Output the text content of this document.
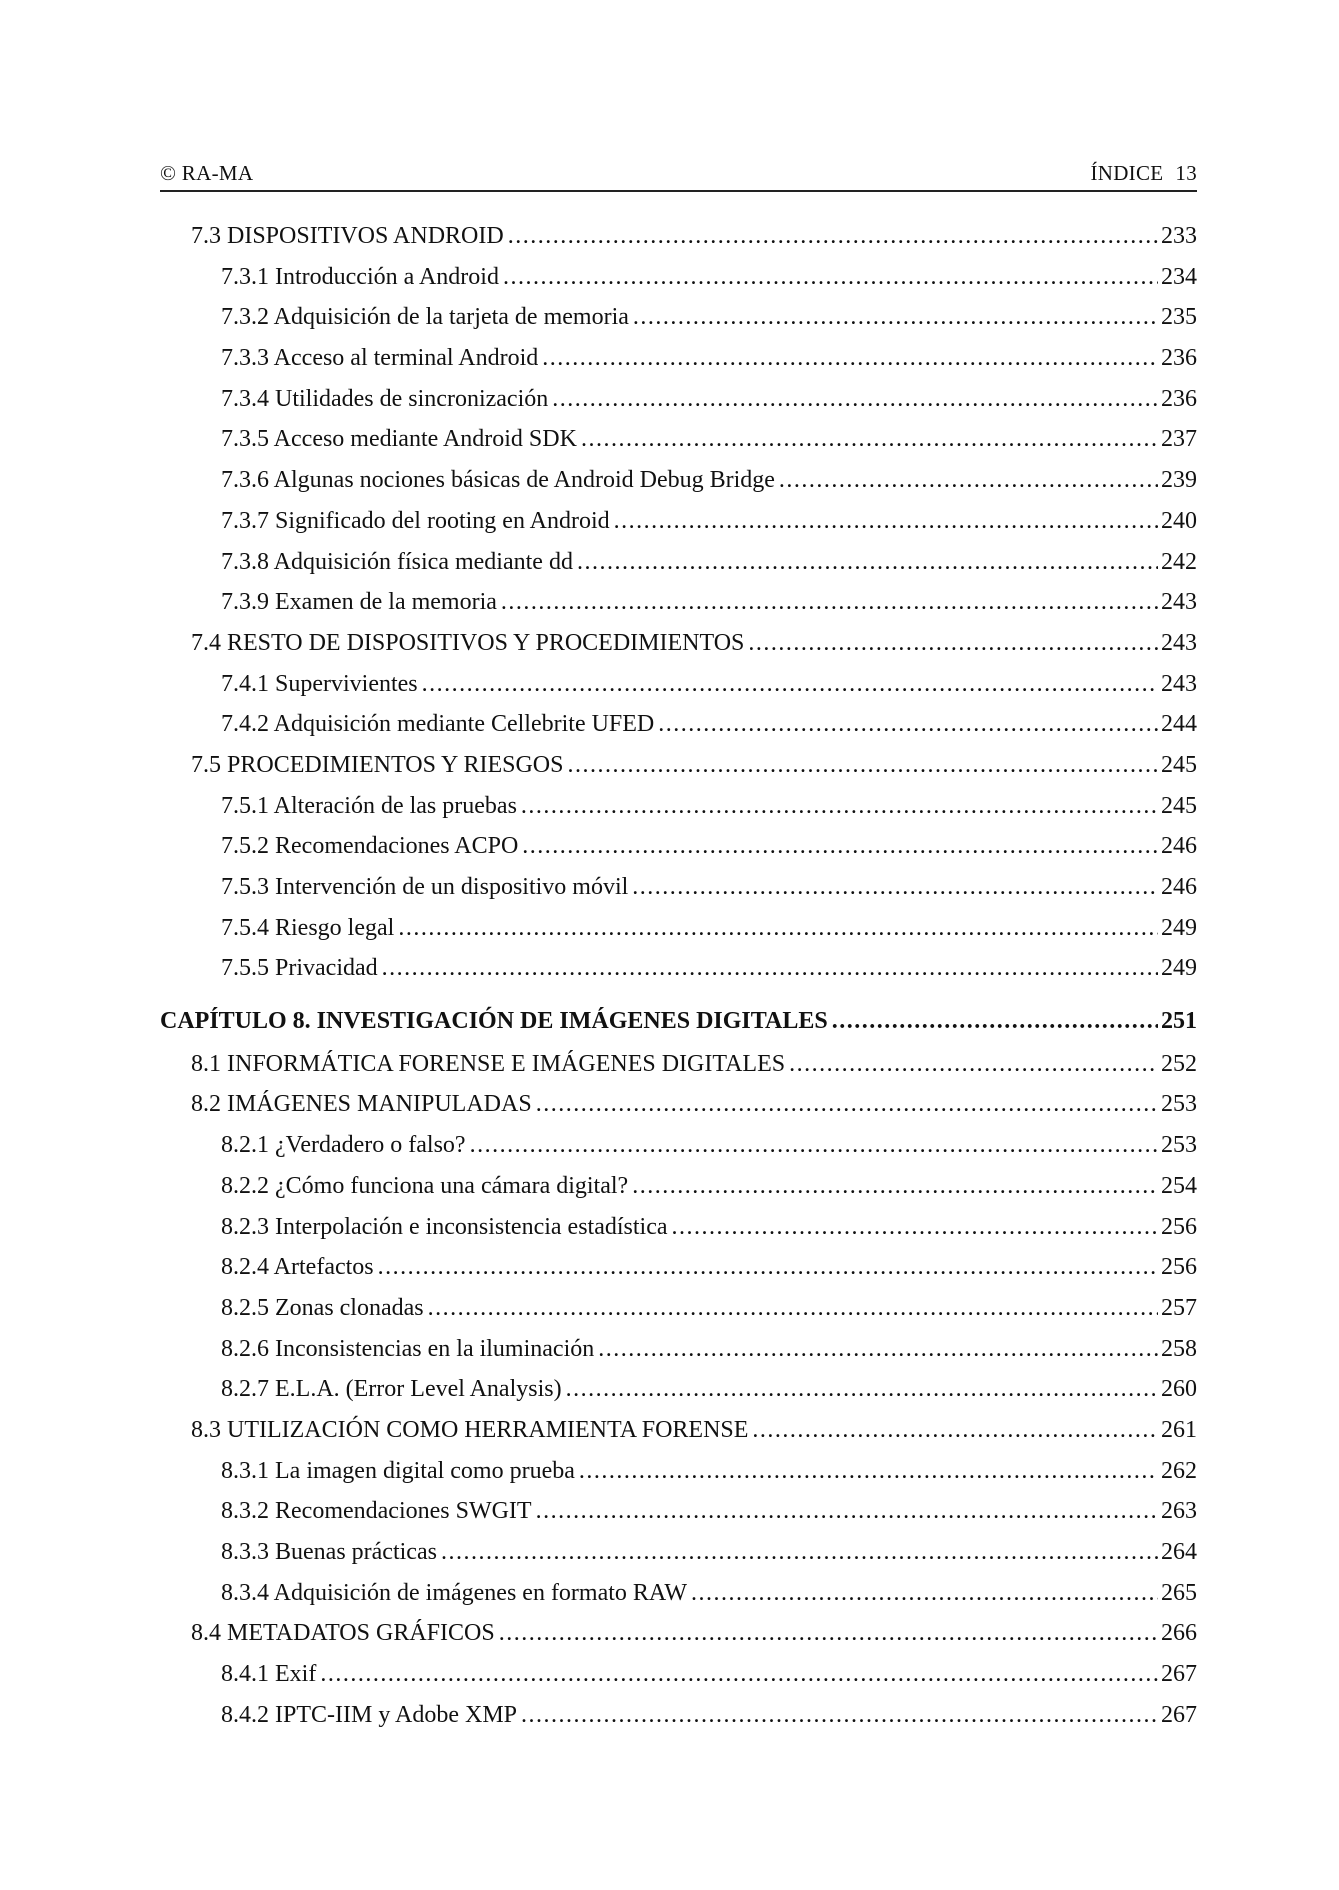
© RA-MA	ÍNDICE 13
7.3 DISPOSITIVOS ANDROID .....	233
7.3.1 Introducción a Android .....	234
7.3.2 Adquisición de la tarjeta de memoria .....	235
7.3.3 Acceso al terminal Android .....	236
7.3.4 Utilidades de sincronización .....	236
7.3.5 Acceso mediante Android SDK .....	237
7.3.6 Algunas nociones básicas de Android Debug Bridge .....	239
7.3.7 Significado del rooting en Android .....	240
7.3.8 Adquisición física mediante dd .....	242
7.3.9 Examen de la memoria .....	243
7.4 RESTO DE DISPOSITIVOS Y PROCEDIMIENTOS .....	243
7.4.1 Supervivientes .....	243
7.4.2 Adquisición mediante Cellebrite UFED .....	244
7.5 PROCEDIMIENTOS Y RIESGOS .....	245
7.5.1 Alteración de las pruebas .....	245
7.5.2 Recomendaciones ACPO .....	246
7.5.3 Intervención de un dispositivo móvil .....	246
7.5.4 Riesgo legal .....	249
7.5.5 Privacidad .....	249
CAPÍTULO 8. INVESTIGACIÓN DE IMÁGENES DIGITALES .....	251
8.1 INFORMÁTICA FORENSE E IMÁGENES DIGITALES .....	252
8.2 IMÁGENES MANIPULADAS .....	253
8.2.1 ¿Verdadero o falso? .....	253
8.2.2 ¿Cómo funciona una cámara digital? .....	254
8.2.3 Interpolación e inconsistencia estadística .....	256
8.2.4 Artefactos .....	256
8.2.5 Zonas clonadas .....	257
8.2.6 Inconsistencias en la iluminación .....	258
8.2.7 E.L.A. (Error Level Analysis) .....	260
8.3 UTILIZACIÓN COMO HERRAMIENTA FORENSE .....	261
8.3.1 La imagen digital como prueba .....	262
8.3.2 Recomendaciones SWGIT .....	263
8.3.3 Buenas prácticas .....	264
8.3.4 Adquisición de imágenes en formato RAW .....	265
8.4 METADATOS GRÁFICOS .....	266
8.4.1 Exif .....	267
8.4.2 IPTC-IIM y Adobe XMP .....	267
